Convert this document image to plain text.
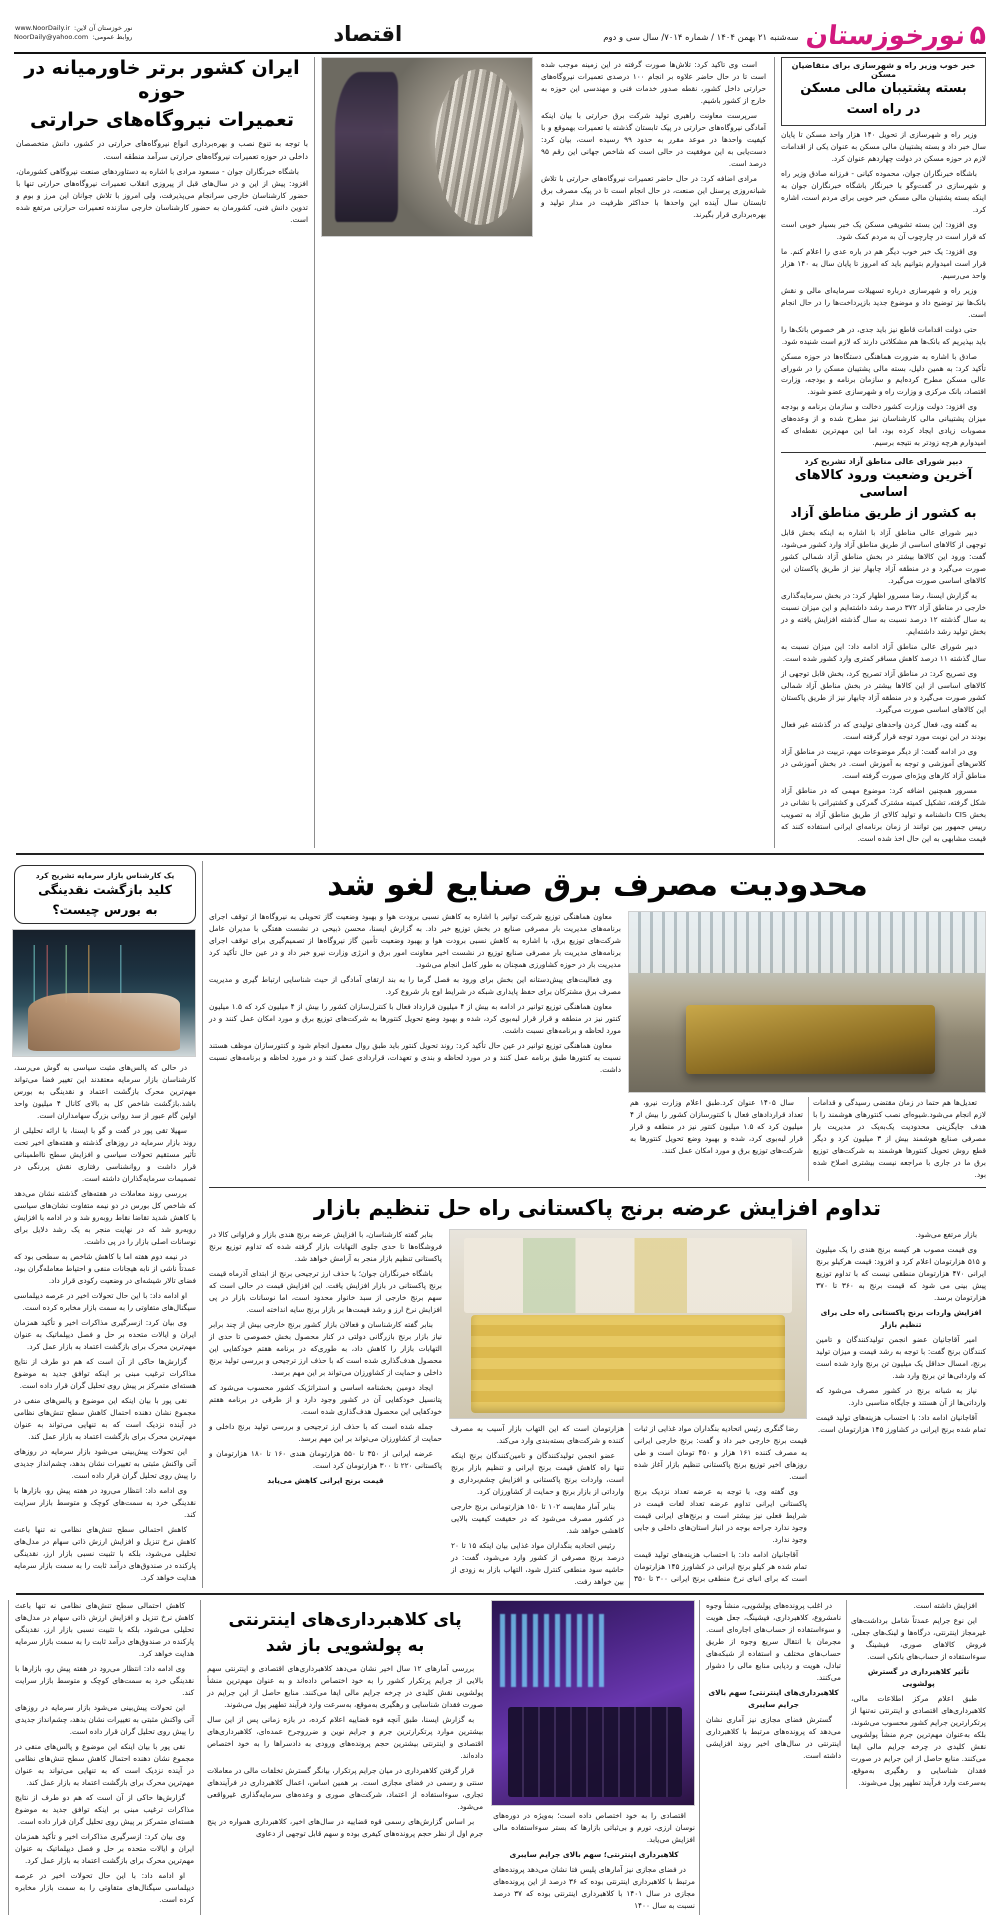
۵
نورخوزستان
سه‌شنبه ۲۱ بهمن ۱۴۰۴ / شماره ۷۰۱۴/ سال سی و دوم
اقتصاد
www.NoorDaily.ir نور خوزستان آن لاین:
NoorDaily@yahoo.com روابط عمومی:
خبر خوب وزیر راه و شهرسازی برای متقاضیان مسکن
بسته پشتیبان مالی مسکن
در راه است

وزیر راه و شهرسازی از تحویل ۱۴۰ هزار واحد مسکن تا پایان سال خبر داد و بسته پشتیبان مالی مسکن به عنوان یکی از اقدامات لازم در حوزه مسکن در دولت چهاردهم عنوان کرد.

باشگاه خبرنگاران جوان، محموده کیانی - فرزانه صادق وزیر راه و شهرسازی در گفت‌وگو با خبرنگار باشگاه خبرنگاران جوان به اینکه بسته پشتیبان مالی مسکن خبر خوبی برای مردم است، اشاره کرد.

وی افزود: این بسته تشویقی مسکن یک خبر بسیار خوبی است که قرار است در چارچوب آن به مردم کمک شود.

وی افزود: یک خبر خوب دیگر هم در باره عدی را اعلام کنم. ما قرار است امیدوارم بتوانیم باید که امروز تا پایان سال به ۱۴۰ هزار واحد می‌رسیم.

وزیر راه و شهرسازی درباره تسهیلات سرمایه‌ای مالی و نقش بانک‌ها نیز توضیح داد و موضوع جدید بازپرداخت‌ها را در حال انجام است.

حتی دولت اقدامات قاطع نیز باید جدی، در هر خصوص بانک‌ها را باید بپذیریم که بانک‌ها هم مشکلاتی دارند که لازم است شنیده شود.

صادق با اشاره به ضرورت هماهنگی دستگاه‌ها در حوزه مسکن تأکید کرد: به همین دلیل، بسته مالی پشتیبان مسکن را در شورای عالی مسکن مطرح کرده‌ایم و سازمان برنامه و بودجه، وزارت اقتصاد، بانک مرکزی و وزارت راه و شهرسازی عضو شوند.

وی افزود: دولت وزارت کشور دخالت و سازمان برنامه و بودجه میزان پشتیبانی مالی کارشناسان نیز مطرح شده و از وعده‌های مصوبات زیادی ایجاد کرده بود، اما این مهم‌ترین نقطه‌ای که امیدوارم هرچه زودتر به نتیجه برسیم.

دبیر شورای عالی مناطق آزاد تشریح کرد
آخرین وضعیت ورود کالاهای اساسی
به کشور از طریق مناطق آزاد

دبیر شورای عالی مناطق آزاد با اشاره به اینکه بخش قابل توجهی از کالاهای اساسی از طریق مناطق آزاد وارد کشور می‌شود، گفت: ورود این کالاها بیشتر در بخش مناطق آزاد شمالی کشور صورت می‌گیرد و در منطقه آزاد چابهار نیز از طریق پاکستان این کالاهای اساسی صورت می‌گیرد.

به گزارش ایسنا، رضا مسرور اظهار کرد: در بخش سرمایه‌گذاری خارجی در مناطق آزاد ۳۷۲ درصد رشد داشته‌ایم و این میزان نسبت به سال گذشته ۱۲ درصد نسبت به سال گذشته افزایش یافته و در بخش تولید رشد داشته‌ایم.

دبیر شورای عالی مناطق آزاد ادامه داد: این میزان نسبت به سال گذشته ۱۱ درصد کاهش مسافر کمتری وارد کشور شده است.

وی تصریح کرد: در مناطق آزاد تصریح کرد، بخش قابل توجهی از کالاهای اساسی از این کالاها بیشتر در بخش مناطق آزاد شمالی کشور صورت می‌گیرد و در منطقه آزاد چابهار نیز از طریق پاکستان این کالاهای اساسی صورت می‌گیرد.

به گفته وی، فعال کردن واحدهای تولیدی که در گذشته غیر فعال بودند در این نوبت مورد توجه قرار گرفته است.

وی در ادامه گفت: از دیگر موضوعات مهم، تربیت در مناطق آزاد کلاس‌های آموزشی و توجه به آموزش است. در بخش آموزشی در مناطق آزاد کارهای ویژه‌ای صورت گرفته است.

مسرور همچنین اضافه کرد: موضوع مهمی که در مناطق آزاد شکل گرفته، تشکیل کمیته مشترک گمرکی و کشتیرانی با نشانی در بخش CIS دانشنامه و تولید کالای از طریق مناطق آزاد به تصویب رییس جمهور بین توانند از زمان برنامه‌ای ایرانی استفاده کنند که قیمت مشابهی به این حال اخذ شده است.

است وی تاکید کرد: تلاش‌ها صورت گرفته در این زمینه موجب شده است تا در حال حاضر علاوه بر انجام ۱۰۰ درصدی تعمیرات نیروگاه‌های حرارتی داخل کشور، نقطه صدور خدمات فنی و مهندسی این حوزه به خارج از کشور باشیم.

سرپرست معاونت راهبری تولید شرکت برق حرارتی با بیان اینکه آمادگی نیروگاه‌های حرارتی در پیک تابستان گذشته با تعمیرات بهموقع و با کیفیت واحدها در موعد مقرر به حدود ۹۹ رسیده است، بیان کرد: دست‌یابی به این موفقیت در حالی است که شاخص جهانی این رقم ۹۵ درصد است.

مرادی اضافه کرد: در حال حاضر تعمیرات نیروگاه‌های حرارتی با تلاش شبانه‌روزی پرسنل این صنعت، در حال انجام است تا در پیک مصرف برق تابستان سال آینده این واحدها با حداکثر ظرفیت در مدار تولید و بهره‌برداری قرار بگیرند.

ایران کشور برتر خاورمیانه در حوزه
تعمیرات نیروگاه‌های حرارتی

با توجه به تنوع نصب و بهره‌برداری انواع نیروگاه‌های حرارتی در کشور، دانش متخصصان داخلی در حوزه تعمیرات نیروگاه‌های حرارتی سرآمد منطقه است.

باشگاه خبرنگاران جوان - مسعود مرادی با اشاره به دستاوردهای صنعت نیروگاهی کشورمان، افزود: پیش از این و در سال‌های قبل از پیروزی انقلاب تعمیرات نیروگاه‌های حرارتی تنها با حضور کارشناسان خارجی سرانجام می‌پذیرفت، ولی امروز با تلاش جوانان این مرز و بوم و تدوین دانش فنی، کشورمان به حضور کارشناسان خارجی سازنده تعمیرات حرارتی مرتفع شده است.

محدودیت مصرف برق صنایع لغو شد

تعدیل‌ها هم حتما در زمان مقتضی رسیدگی و قدامات لازم انجام می‌شود.شیوه‌ای نصب کنتورهای هوشمند را با هدف جایگزینی محدودیت یک‌به‌یک در مدیریت بار مصرفی صنایع هوشمند بیش از ۳ میلیون کرد و دیگر قطع روش تحویل کنتورها هوشمند به شرکت‌های توزیع برق ما در جاری با مراجعه نیست بیشتری اصلاح شده بود.

سال ۱۴۰۵ عنوان کرد.طبق اعلام وزارت نیرو، هم تعداد قراردادهای فعال با کنتورسازان کشور را بیش از ۴ میلیون کرد که ۱.۵ میلیون کنتور نیز در منطقه و قرار قرار لبه‌بوی کرد، شده و بهبود وضع تحویل کنتورها به شرکت‌های توزیع برق و مورد امکان عمل کنند.

معاون هماهنگی توزیع شرکت توانیر با اشاره به کاهش نسبی برودت هوا و بهبود وضعیت گاز تحویلی به نیروگاه‌ها از توقف اجرای برنامه‌های مدیریت بار مصرفی صنایع در بخش توزیع خبر داد. به گزارش ایسنا، محسن ذبیحی در نشست هفتگی با مدیران عامل شرکت‌های توزیع برق، با اشاره به کاهش نسبی برودت هوا و بهبود وضعیت تأمین گاز نیروگاه‌ها از تصمیم‌گیری برای توقف اجرای برنامه‌های مدیریت بار مصرفی صنایع توزیع در نشست اخیر معاونت امور برق و انرژی وزارت نیرو خبر داد و در عین حال تأکید کرد مدیریت بار در حوزه کشاورزی همچنان به طور کامل انجام می‌شود.

وی فعالیت‌های پیش‌دستانه این بخش برای ورود به فصل گرما را به بند ارتقای آمادگی از حیث شناسایی ارتباط گیری و مدیریت مصرف برق مشترکان برای حفظ پایداری شبکه در شرایط اوج بار شروع کرد.

معاون هماهنگی توزیع توانیر در ادامه به بیش از ۴ میلیون قرارداد فعال با کنترل‌سازان کشور را بیش از ۴ میلیون کرد که ۱.۵ میلیون کنتور نیز در منطقه و قرار قرار لبه‌بوی کرد، شده و بهبود وضع تحویل کنتورها به شرکت‌های توزیع برق و مورد امکان عمل کنند و در مورد لحاظه و برنامه‌های نسبت داشت.

معاون هماهنگی توزیع توانیر در عین حال تأکید کرد: روند تحویل کنتور باید طبق روال معمول انجام شود و کنتورسازان موظف هستند نسبت به کنتورها طبق برنامه عمل کنند و در مورد لحاظه و بندی و تعهدات، قراردادی عمل کنند و در مورد لحاظه و برنامه‌های نسبت داشت.

تداوم افزایش عرضه برنج پاکستانی راه حل تنظیم بازار

بازار مرتفع می‌شود.

وی قیمت مصوب هر کیسه برنج هندی را یک میلیون و ۵۱۵ هزارتومان اعلام کرد و افزود: قیمت هرکیلو برنج ایرانی ۴۷۰ هزارتومان منطقی نیست که با تداوم توزیع پیش بینی می شود که قیمت برنج به ۳۶۰ تا ۳۷۰ هزارتومان برسد.

افزایش واردات برنج پاکستانی راه حلی برای تنظیم بازار

امیر آقاجانیان عضو انجمن تولیدکنندگان و تامین کنندگان برنج گفت: با توجه به رشد قیمت و میزان تولید برنج، امسال حداقل یک میلیون تن برنج وارد شده است که وارداتی‌ها تن برنج وارد شد.

نیاز به شبانه برنج در کشور مصرف می‌شود که وارداتی‌ها از آن هستند و جایگاه مناسبی دارد.

آقاجانیان ادامه داد: با احتساب هزینه‌های تولید قیمت تمام شده برنج ایرانی در کشاورز ۱۴۵ هزارتومان است.

رضا گنگری رئیس اتحادیه بنگداران مواد غذایی از ثبات قیمت برنج خارجی خبر داد و گفت: برنج خارجی ایرانی به مصرف کننده ۱۶۱ هزار و ۴۵۰ تومان است و طی روزهای اخیر توزیع برنج پاکستانی تنظیم بازار آغاز شده است.

وی گفته وی، با توجه به عرضه تعداد نزدیک برنج پاکستانی ایرانی تداوم عرضه تعداد لغات قیمت در شرایط فعلی نیز بیشتر است و برنج‌های ایرانی قیمت وجود ندارد جراحه بوجه در انبار استان‌های داخلی و جایی وجود ندارد.

آقاجانیان ادامه داد: با احتساب هزینه‌های تولید قیمت تمام شده هر کیلو برنج ایرانی در کشاورز ۱۴۵ هزارتومان است که برای انبای نرخ منطقی برنج ایرانی ۳۰۰ تا ۳۵۰ هزارتومان است که این التهاب بازار آسیب به مصرف کننده و شرکت‌های بسته‌بندی وارد می‌کند.

عضو انجمن تولیدکنندگان و تامین‌کنندگان برنج اینکه تنها راه کاهش قیمت برنج ایرانی و تنظیم بازار برنج است، واردات برنج پاکستانی و افزایش چشم‌برداری و وارداتی از بازار برنج و حمایت از کشاورزان کرد.

بنابر آمار مقایسه ۱۰۲ تا ۱۵۰ هزارتومانی برنج خارجی در کشور مصرف می‌شود که در حقیقت کیفیت بالایی کاهشی خواهد شد.

رئیس اتحادیه بنگداران مواد غذایی بیان اینکه ۱۵ تا ۲۰ درصد برنج مصرفی از کشور وارد می‌شود، گفت: در حاشیه سود منطقی کنترل شود، التهاب بازار به زودی از بین خواهد رفت.

بنابر گفته کارشناسان، با افزایش عرضه برنج هندی بازار و فراوانی کالا در فروشگاه‌ها تا حدی جلوی التهابات بازار گرفته شده که تداوم توزیع برنج پاکستانی تنظیم بازار منجر به آرامش خواهد شد.

باشگاه خبرنگاران جوان؛ با حذف ارز ترجیحی برنج از ابتدای آذرماه قیمت برنج پاکستانی در بازار افزایش یافت. این افزایش قیمت در حالی است که سهم برنج خارجی از سبد خانوار محدود است، اما نوسانات بازار در پی افزایش نرخ ارز و رشد قیمت‌ها بر بازار برنج سایه انداخته است.

بنابر گفته کارشناسان و فعالان بازار کشور برنج خارجی بیش از چند برابر نیاز بازار برنج بازرگانی دولتی در کنار محصول بخش خصوصی تا حدی از التهابات بازار را کاهش داد، به طوری‌که در برنامه هفتم خودکفایی این محصول هدف‌گذاری شده است که با حذف ارز ترجیحی و بررسی تولید برنج داخلی و حمایت از کشاورزان می‌تواند بر این مهم برسد.

ایجاد دومین بخشنامه اساسی و استراتژیک کشور محسوب می‌شود که پتانسیل خودکفایی آن در کشور وجود دارد و از طرفی در برنامه هفتم خودکفایی این محصول هدف‌گذاری شده است.

جمله شده است که با حذف ارز ترجیحی و بررسی تولید برنج داخلی و حمایت از کشاورزان می‌تواند بر این مهم برسد.

عرضه ایرانی از ۳۵۰ تا ۵۵۰ هزارتومان هندی ۱۶۰ تا ۱۸۰ هزارتومان و پاکستانی ۲۲۰ تا ۳۰۰ هزارتومان کرد است.

قیمت برنج ایرانی کاهش می‌یابد

یک کارشناس بازار سرمایه تشریح کرد
کلید بازگشت نقدینگی
به بورس چیست؟

در حالی که پالس‌های مثبت سیاسی به گوش می‌رسد، کارشناسان بازار سرمایه معتقدند این تغییر فضا می‌تواند مهم‌ترین محرک بازگشت اعتماد و نقدینگی به بورس باشد.بازگشت شاخص کل به بالای کانال ۴ میلیون واحد اولین گام عبور از سد روانی بزرگ سهامداران است.

سهیلا تقی پور در گفت و گو با ایسنا، با ارائه تحلیلی از روند بازار سرمایه در روزهای گذشته و هفته‌های اخیر تحت تأثیر مستقیم تحولات سیاسی و افزایش سطح نااطمینانی قرار داشت و روانشناسی رفتاری نقش پررنگی در تصمیمات سرمایه‌گذاران داشته است.

بررسی روند معاملات در هفته‌های گذشته نشان می‌دهد که شاخص کل بورس در دو نیمه متفاوت نشان‌های سیاسی با کاهش شدید تقاضا نقاط روبه‌رو شد و در ادامه با افزایش روبه‌رو شد که در نهایت منجر به یک رشد دلایل برای نوسانات اصلی بازار را در پی داشت.

در نیمه دوم هفته اما با کاهش شاخص به سطحی بود که عمدتاً ناشی از نابه هیجانات منفی و احتیاط معامله‌گران بود، فضای تالار شیشه‌ای در وضعیت رکودی قرار داد.

او ادامه داد: با این حال تحولات اخیر در عرصه دیپلماسی سیگنال‌های متفاوتی را به سمت بازار مخابره کرده است.

وی بیان کرد: ازسرگیری مذاکرات اخیر و تأکید همزمان ایران و ایالات متحده بر حل و فصل دیپلماتیک به عنوان مهم‌ترین محرک برای بازگشت اعتماد به بازار عمل کرد.

گزارش‌ها حاکی از آن است که هم دو طرف از نتایج مذاکرات ترغیب مبنی بر اینکه توافق جدید به موضوع هسته‌ای متمرکز بر پیش روی تحلیل گران قرار داده است.

نقی پور با بیان اینکه این موضوع و پالس‌های منفی در مجموع نشان دهنده احتمال کاهش سطح تنش‌های نظامی در آینده نزدیک است که به تنهایی می‌تواند به عنوان مهم‌ترین محرک برای بازگشت اعتماد به بازار عمل کند.

این تحولات پیش‌بینی می‌شود بازار سرمایه در روزهای آتی واکنش مثبتی به تغییرات نشان بدهد، چشم‌انداز جدیدی را پیش روی تحلیل گران قرار داده است.

وی ادامه داد: انتظار می‌رود در هفته پیش رو، بازارها با نقدینگی خرد به سمت‌های کوچک و متوسط بازار سرایت کند.

کاهش احتمالی سطح تنش‌های نظامی نه تنها باعث کاهش نرخ تنزیل و افزایش ارزش ذاتی سهام در مدل‌های تحلیلی می‌شود، بلکه با تثبیت نسبی بازار ارز، نقدینگی پارکنده در صندوق‌های درآمد ثابت را به سمت بازار سرمایه هدایت خواهد کرد.

افزایش داشته است.

این نوع جرایم عمدتاً شامل برداشت‌های غیرمجاز اینترنتی، درگاه‌ها و لینک‌های جعلی، فروش کالاهای صوری، فیشینگ و سوءاستفاده از حساب‌های بانکی است.

تأثیر کلاهبرداری در گسترش پولشویی

طبق اعلام مرکز اطلاعات مالی، کلاهبرداری‌های اقتصادی و اینترنتی نه‌تنها از پرتکرارترین جرایم کشور محسوب می‌شوند، بلکه به‌عنوان مهم‌ترین جرم منشأ پولشویی نقش کلیدی در چرخه جرایم مالی ایفا می‌کنند. منابع حاصل از این جرایم در صورت فقدان شناسایی و رهگیری به‌موقع، به‌سرعت وارد فرآیند تطهیر پول می‌شوند.

در اغلب پرونده‌های پولشویی، منشأ وجوه نامشروع، کلاهبرداری، فیشینگ، جعل هویت و سوءاستفاده از حساب‌های اجاره‌ای است. مجرمان با انتقال سریع وجوه از طریق حساب‌های مختلف و استفاده از شبکه‌های تبادل، هویت و ردیابی منابع مالی را دشوار می‌کنند.

کلاهبرداری‌های اینترنتی؛ سهم بالای جرایم سایبری

گسترش فضای مجازی نیز آماری نشان می‌دهد که پرونده‌های مرتبط با کلاهبرداری اینترنتی در سال‌های اخیر روند افزایشی داشته است.

اقتصادی را به خود اختصاص داده است؛ به‌ویژه در دوره‌های نوسان ارزی، تورم و بی‌ثباتی بازارها که بستر سوءاستفاده مالی افزایش می‌یابد.

کلاهبرداری اینترنتی؛ سهم بالای جرایم سایبری

در فضای مجازی نیز آمارهای پلیس فتا نشان می‌دهد پرونده‌های مرتبط با کلاهبرداری اینترنتی بوده که ۳۶ درصد از این پرونده‌های مجازی در سال ۱۴۰۱ با کلاهبرداری اینترنتی بوده که ۳۷ درصد نسبت به سال ۱۴۰۰

پای کلاهبرداری‌های اینترنتی
به پولشویی باز شد

بررسی آمارهای ۱۲ سال اخیر نشان می‌دهد کلاهبرداری‌های اقتصادی و اینترنتی سهم بالایی از جرایم پرتکرار کشور را به خود اختصاص داده‌اند و به عنوان مهم‌ترین منشأ پولشویی نقش کلیدی در چرخه جرایم مالی ایفا می‌کنند. منابع حاصل از این جرایم در صورت فقدان شناسایی و رهگیری به‌موقع، به‌سرعت وارد فرآیند تطهیر پول می‌شوند.

به گزارش ایسنا، طبق آنچه فوه قضاییه اعلام کرده، در بازه زمانی پس از این سال بیشترین موارد پرتکرارترین جرم و جرایم نوین و ضرر‌وجرح عمده‌ای، کلاهبرداری‌های اقتصادی و اینترنتی بیشترین حجم پرونده‌های ورودی به دادسراها را به خود اختصاص داده‌اند.

قرار گرفتن کلاهبرداری در میان جرایم پرتکرار، بیانگر گسترش تخلفات مالی در معاملات سنتی و رسمی در فضای مجازی است. بر همین اساس، اعمال کلاهبرداری در فرآیندهای تجاری، سوءاستفاده از اعتماد، شرکت‌های صوری و وعده‌های سرمایه‌گذاری غیرواقعی می‌شود.

بر اساس گزارش‌های رسمی قوه قضاییه در سال‌های اخیر، کلاهبرداری همواره در پنج جرم اول از نظر حجم پرونده‌های کیفری بوده و سهم قابل توجهی از دعاوی

کاهش احتمالی سطح تنش‌های نظامی نه تنها باعث کاهش نرخ تنزیل و افزایش ارزش ذاتی سهام در مدل‌های تحلیلی می‌شود، بلکه با تثبیت نسبی بازار ارز، نقدینگی پارکنده در صندوق‌های درآمد ثابت را به سمت بازار سرمایه هدایت خواهد کرد.

وی ادامه داد: انتظار می‌رود در هفته پیش رو، بازارها با نقدینگی خرد به سمت‌های کوچک و متوسط بازار سرایت کند.

این تحولات پیش‌بینی می‌شود بازار سرمایه در روزهای آتی واکنش مثبتی به تغییرات نشان بدهد، چشم‌انداز جدیدی را پیش روی تحلیل گران قرار داده است.

نقی پور با بیان اینکه این موضوع و پالس‌های منفی در مجموع نشان دهنده احتمال کاهش سطح تنش‌های نظامی در آینده نزدیک است که به تنهایی می‌تواند به عنوان مهم‌ترین محرک برای بازگشت اعتماد به بازار عمل کند.

گزارش‌ها حاکی از آن است که هم دو طرف از نتایج مذاکرات ترغیب مبنی بر اینکه توافق جدید به موضوع هسته‌ای متمرکز بر پیش روی تحلیل گران قرار داده است.

وی بیان کرد: ازسرگیری مذاکرات اخیر و تأکید همزمان ایران و ایالات متحده بر حل و فصل دیپلماتیک به عنوان مهم‌ترین محرک برای بازگشت اعتماد به بازار عمل کرد.

او ادامه داد: با این حال تحولات اخیر در عرصه دیپلماسی سیگنال‌های متفاوتی را به سمت بازار مخابره کرده است.
